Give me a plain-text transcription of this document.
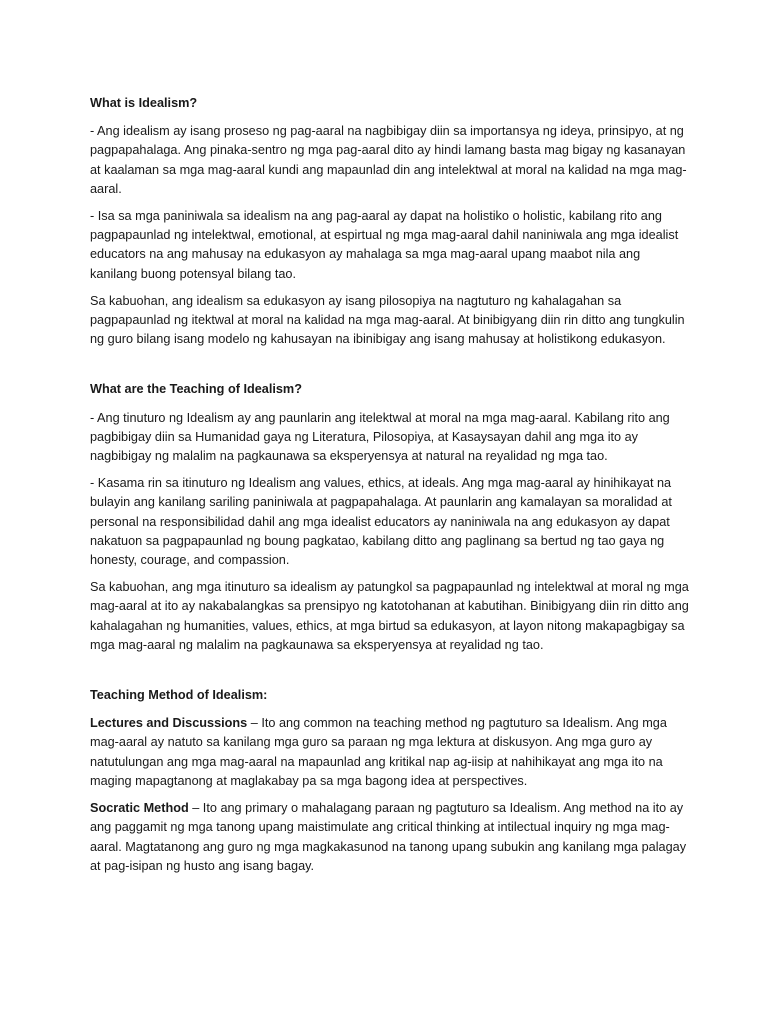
What is Idealism?

- Ang idealism ay isang proseso ng pag-aaral na nagbibigay diin sa importansya ng ideya, prinsipyo, at ng pagpapahalaga. Ang pinaka-sentro ng mga pag-aaral dito ay hindi lamang basta mag bigay ng kasanayan at kaalaman sa mga mag-aaral kundi ang mapaunlad din ang intelektwal at moral na kalidad na mga mag-aaral.

- Isa sa mga paniniwala sa idealism na ang pag-aaral ay dapat na holistiko o holistic, kabilang rito ang pagpapaunlad ng intelektwal, emotional, at espirtual ng mga mag-aaral dahil naniniwala ang mga idealist educators na ang mahusay na edukasyon ay mahalaga sa mga mag-aaral upang maabot nila ang kanilang buong potensyal bilang tao.

Sa kabuohan, ang idealism sa edukasyon ay isang pilosopiya na nagtuturo ng kahalagahan sa pagpapaunlad ng itektwal at moral na kalidad na mga mag-aaral. At binibigyang diin rin ditto ang tungkulin ng guro bilang isang modelo ng kahusayan na ibinibigay ang isang mahusay at holistikong edukasyon.

What are the Teaching of Idealism?

- Ang tinuturo ng Idealism ay ang paunlarin ang itelektwal at moral na mga mag-aaral. Kabilang rito ang pagbibigay diin sa Humanidad gaya ng Literatura, Pilosopiya, at Kasaysayan dahil ang mga ito ay nagbibigay ng malalim na pagkaunawa sa eksperyensya at natural na reyalidad ng mga tao.

- Kasama rin sa itinuturo ng Idealism ang values, ethics, at ideals. Ang mga mag-aaral ay hinihikayat na bulayin ang kanilang sariling paniniwala at pagpapahalaga. At paunlarin ang kamalayan sa moralidad at personal na responsibilidad dahil ang mga idealist educators ay naniniwala na ang edukasyon ay dapat nakatuon sa pagpapaunlad ng boung pagkatao, kabilang ditto ang paglinang sa bertud ng tao gaya ng honesty, courage, and compassion.

Sa kabuohan, ang mga itinuturo sa idealism ay patungkol sa pagpapaunlad ng intelektwal at moral ng mga mag-aaral at ito ay nakabalangkas sa prensipyo ng katotohanan at kabutihan. Binibigyang diin rin ditto ang kahalagahan ng humanities, values, ethics, at mga birtud sa edukasyon, at layon nitong makapagbigay sa mga mag-aaral ng malalim na pagkaunawa sa eksperyensya at reyalidad ng tao.

Teaching Method of Idealism:

Lectures and Discussions – Ito ang common na teaching method ng pagtuturo sa Idealism. Ang mga mag-aaral ay natuto sa kanilang mga guro sa paraan ng mga lektura at diskusyon. Ang mga guro ay natutulungan ang mga mag-aaral na mapaunlad ang kritikal nap ag-iisip at nahihikayat ang mga ito na maging mapagtanong at maglakabay pa sa mga bagong idea at perspectives.

Socratic Method – Ito ang primary o mahalagang paraan ng pagtuturo sa Idealism. Ang method na ito ay ang paggamit ng mga tanong upang maistimulate ang critical thinking at intilectual inquiry ng mga mag-aaral. Magtatanong ang guro ng mga magkakasunod na tanong upang subukin ang kanilang mga palagay at pag-isipan ng husto ang isang bagay.
